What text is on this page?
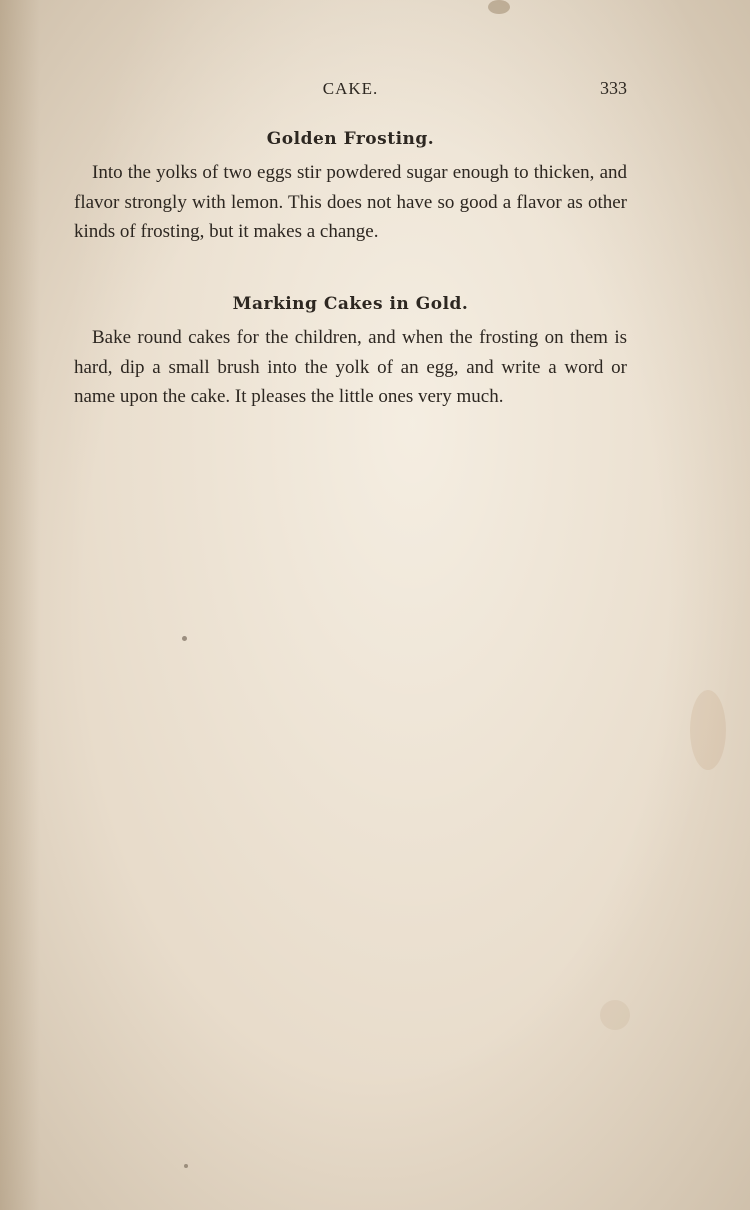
CAKE.	333
Golden Frosting.

Into the yolks of two eggs stir powdered sugar enough to thicken, and flavor strongly with lemon. This does not have so good a flavor as other kinds of frosting, but it makes a change.

Marking Cakes in Gold.

Bake round cakes for the children, and when the frosting on them is hard, dip a small brush into the yolk of an egg, and write a word or name upon the cake. It pleases the little ones very much.
